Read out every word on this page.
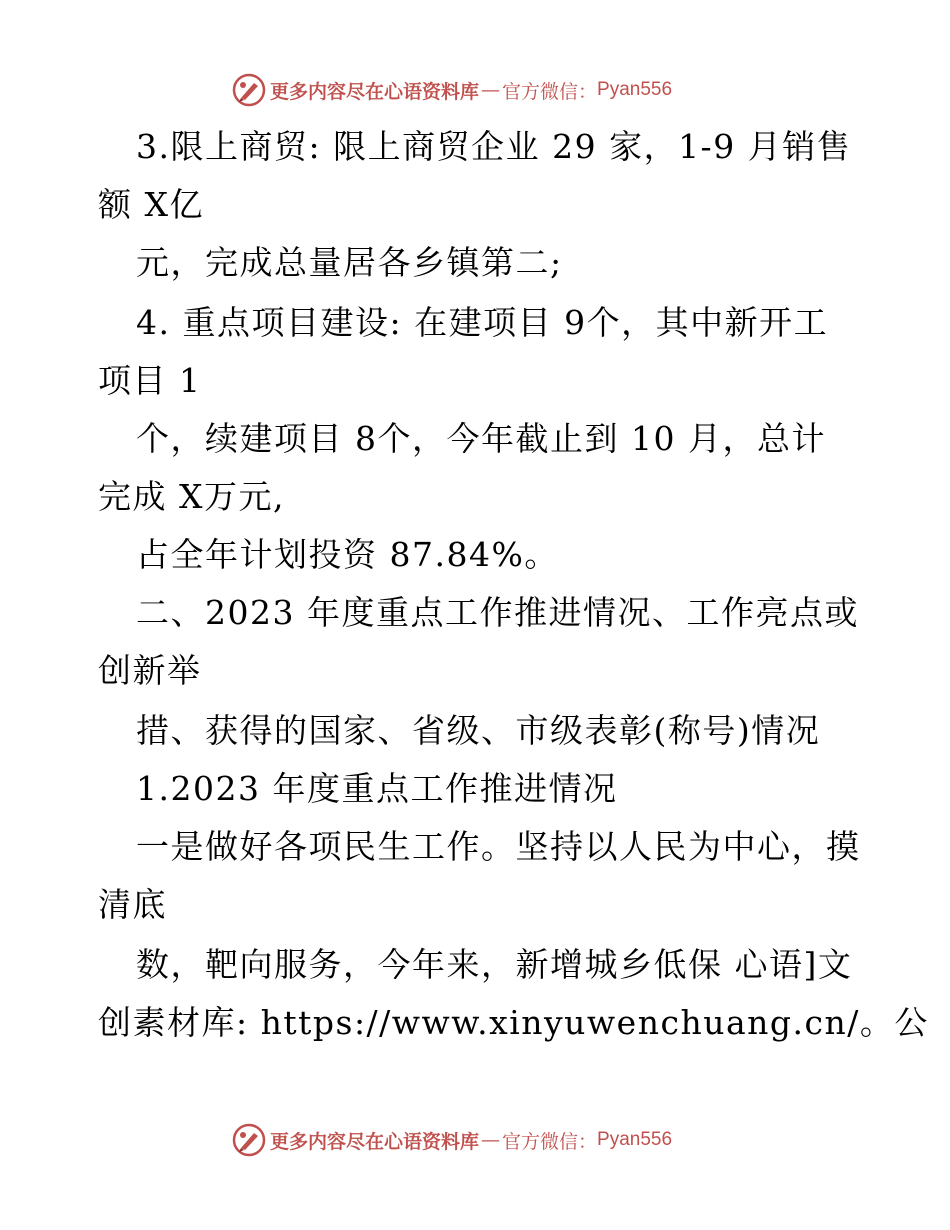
更多内容尽在心语资料库 — 官方微信： Pyan556
3.限上商贸: 限上商贸企业 29 家，1-9 月销售
额 X亿
元，完成总量居各乡镇第二;
4. 重点项目建设: 在建项目 9个，其中新开工
项目 1
个，续建项目 8个，今年截止到 10 月，总计
完成 X万元,
占全年计划投资 87.84%。
二、2023 年度重点工作推进情况、工作亮点或
创新举
措、获得的国家、省级、市级表彰(称号)情况
1.2023 年度重点工作推进情况
一是做好各项民生工作。坚持以人民为中心，摸
清底
数，靶向服务，今年来，新增城乡低保 心语]文
创素材库: https://www.xinyuwenchuang.cn/。公
更多内容尽在心语资料库 — 官方微信： Pyan556
